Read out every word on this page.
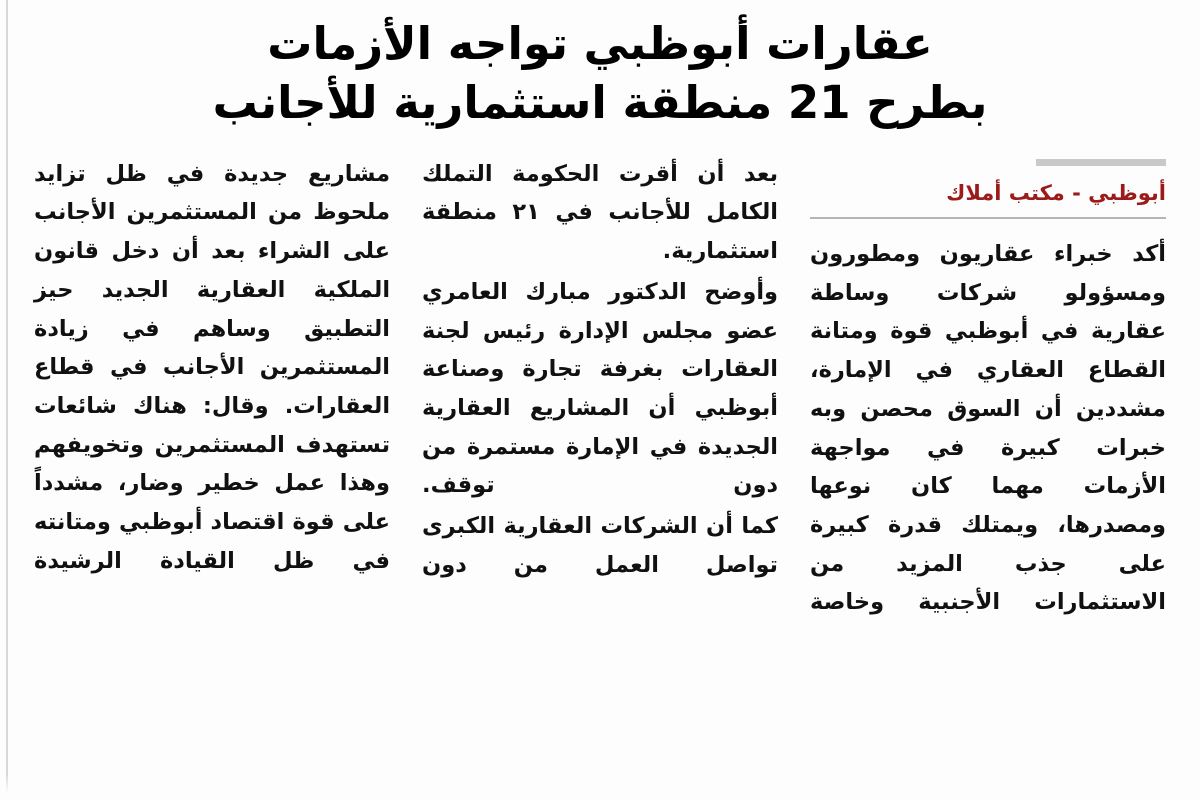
عقارات أبوظبي تواجه الأزمات
بطرح 21 منطقة استثمارية للأجانب
أبوظبي - مكتب أملاك

أكد خبراء عقاريون ومطورون ومسؤولو شركات وساطة عقارية في أبوظبي قوة ومتانة القطاع العقاري في الإمارة، مشددين أن السوق محصن وبه خبرات كبيرة في مواجهة الأزمات مهما كان نوعها ومصدرها، ويمتلك قدرة كبيرة على جذب المزيد من الاستثمارات الأجنبية وخاصة

بعد أن أقرت الحكومة التملك الكامل للأجانب في ٢١ منطقة استثمارية.

وأوضح الدكتور مبارك العامري عضو مجلس الإدارة رئيس لجنة العقارات بغرفة تجارة وصناعة أبوظبي أن المشاريع العقارية الجديدة في الإمارة مستمرة من دون توقف.

كما أن الشركات العقارية الكبرى تواصل العمل من دون

مشاريع جديدة في ظل تزايد ملحوظ من المستثمرين الأجانب على الشراء بعد أن دخل قانون الملكية العقارية الجديد حيز التطبيق وساهم في زيادة المستثمرين الأجانب في قطاع العقارات. وقال: هناك شائعات تستهدف المستثمرين وتخويفهم وهذا عمل خطير وضار، مشدداً على قوة اقتصاد أبوظبي ومتانته في ظل القيادة الرشيدة
